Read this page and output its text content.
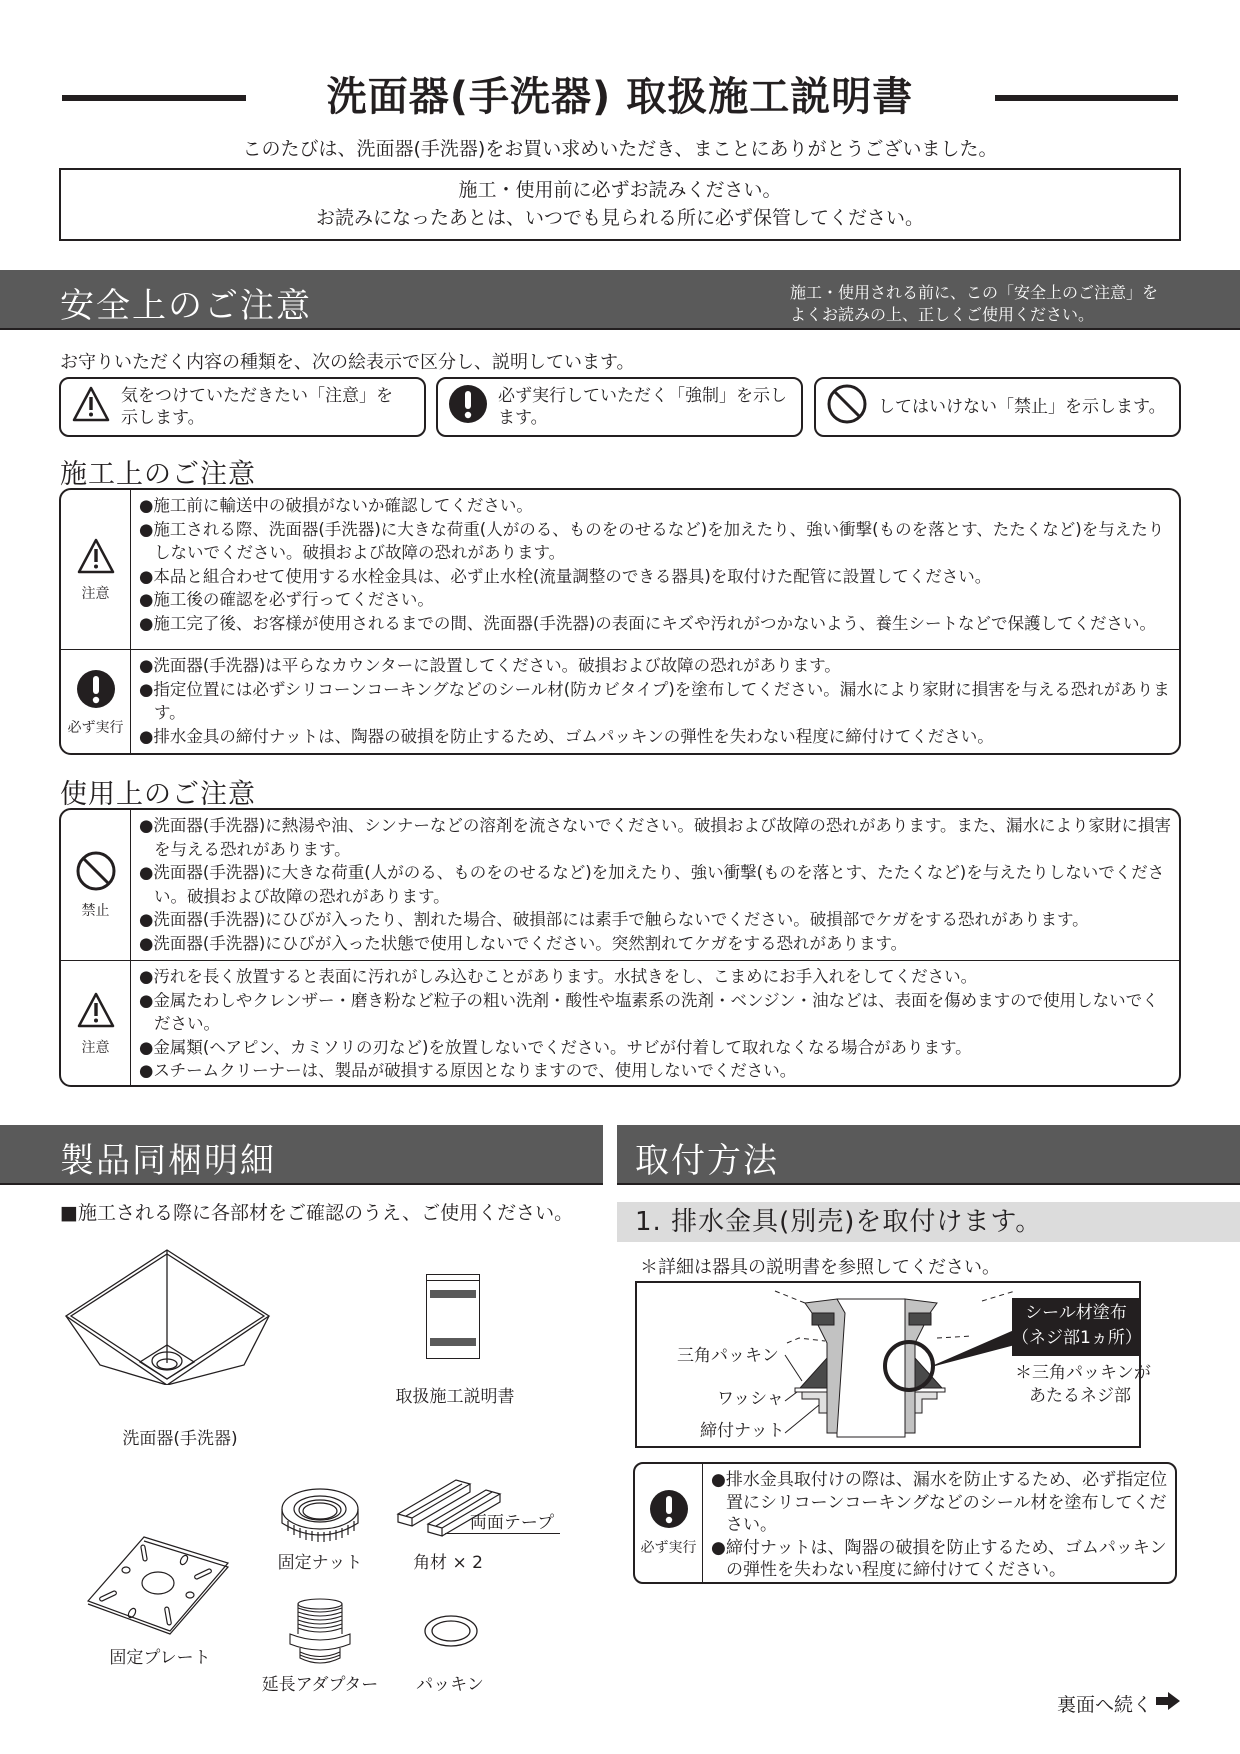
洗面器(手洗器) 取扱施工説明書
このたびは、洗面器(手洗器)をお買い求めいただき、まことにありがとうございました。
施工・使用前に必ずお読みください。
お読みになったあとは、いつでも見られる所に必ず保管してください。
安全上のご注意	施工・使用される前に、この「安全上のご注意」を
よくお読みの上、正しくご使用ください。
お守りいただく内容の種類を、次の絵表示で区分し、説明しています。
気をつけていただきたい「注意」を
示します。
必ず実行していただく「強制」を示します。
してはいけない「禁止」を示します。
施工上のご注意
注意
●施工前に輸送中の破損がないか確認してください。
●施工される際、洗面器(手洗器)に大きな荷重(人がのる、ものをのせるなど)を加えたり、強い衝撃(ものを落とす、たたくなど)を与えたりしないでください。破損および故障の恐れがあります。
●本品と組合わせて使用する水栓金具は、必ず止水栓(流量調整のできる器具)を取付けた配管に設置してください。
●施工後の確認を必ず行ってください。
●施工完了後、お客様が使用されるまでの間、洗面器(手洗器)の表面にキズや汚れがつかないよう、養生シートなどで保護してください。
必ず実行
●洗面器(手洗器)は平らなカウンターに設置してください。破損および故障の恐れがあります。
●指定位置には必ずシリコーンコーキングなどのシール材(防カビタイプ)を塗布してください。漏水により家財に損害を与える恐れがあります。
●排水金具の締付ナットは、陶器の破損を防止するため、ゴムパッキンの弾性を失わない程度に締付けてください。
使用上のご注意
禁止
●洗面器(手洗器)に熱湯や油、シンナーなどの溶剤を流さないでください。破損および故障の恐れがあります。また、漏水により家財に損害を与える恐れがあります。
●洗面器(手洗器)に大きな荷重(人がのる、ものをのせるなど)を加えたり、強い衝撃(ものを落とす、たたくなど)を与えたりしないでください。破損および故障の恐れがあります。
●洗面器(手洗器)にひびが入ったり、割れた場合、破損部には素手で触らないでください。破損部でケガをする恐れがあります。
●洗面器(手洗器)にひびが入った状態で使用しないでください。突然割れてケガをする恐れがあります。
注意
●汚れを長く放置すると表面に汚れがしみ込むことがあります。水拭きをし、こまめにお手入れをしてください。
●金属たわしやクレンザー・磨き粉など粒子の粗い洗剤・酸性や塩素系の洗剤・ベンジン・油などは、表面を傷めますので使用しないでください。
●金属類(ヘアピン、カミソリの刃など)を放置しないでください。サビが付着して取れなくなる場合があります。
●スチームクリーナーは、製品が破損する原因となりますので、使用しないでください。
製品同梱明細
■施工される際に各部材をご確認のうえ、ご使用ください。
洗面器(手洗器)
取扱施工説明書
固定プレート
固定ナット
両面テープ
角材 × 2
延長アダプター	パッキン
取付方法
1. 排水金具(別売)を取付けます。
＊詳細は器具の説明書を参照してください。
三角パッキン
ワッシャ
締付ナット
シール材塗布
（ネジ部1ヵ所）
＊三角パッキンが
あたるネジ部
必ず実行
●排水金具取付けの際は、漏水を防止するため、必ず指定位置にシリコーンコーキングなどのシール材を塗布してください。
●締付ナットは、陶器の破損を防止するため、ゴムパッキンの弾性を失わない程度に締付けてください。
裏面へ続く
